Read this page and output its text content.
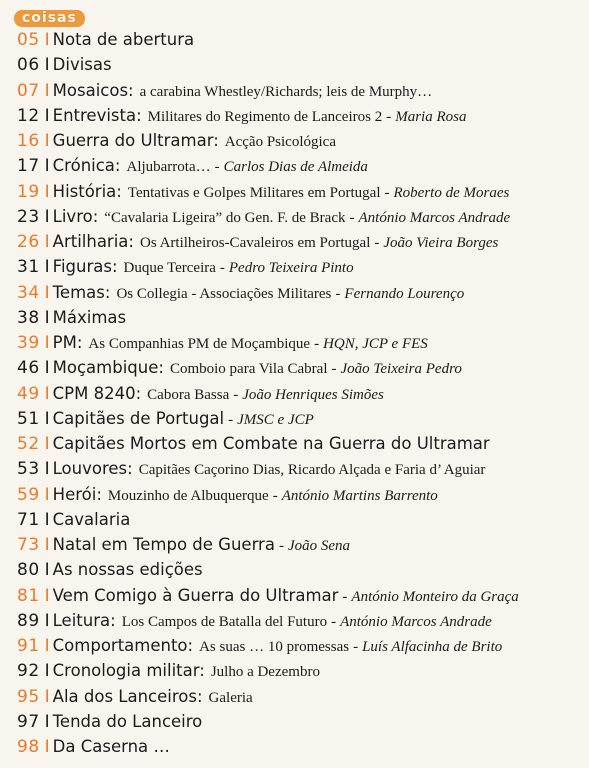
coisas
05 I Nota de abertura
06 I Divisas
07 I Mosaicos: a carabina Whestley/Richards; leis de Murphy…
12 I Entrevista: Militares do Regimento de Lanceiros 2 - Maria Rosa
16 I Guerra do Ultramar: Acção Psicológica
17 I Crónica: Aljubarrota… - Carlos Dias de Almeida
19 I História: Tentativas e Golpes Militares em Portugal - Roberto de Moraes
23 I Livro: “Cavalaria Ligeira” do Gen. F. de Brack - António Marcos Andrade
26 I Artilharia: Os Artilheiros-Cavaleiros em Portugal - João Vieira Borges
31 I Figuras: Duque Terceira - Pedro Teixeira Pinto
34 I Temas: Os Collegia - Associações Militares - Fernando Lourenço
38 I Máximas
39 I PM: As Companhias PM de Moçambique - HQN, JCP e FES
46 I Moçambique: Comboio para Vila Cabral - João Teixeira Pedro
49 I CPM 8240: Cabora Bassa - João Henriques Simões
51 I Capitães de Portugal - JMSC e JCP
52 I Capitães Mortos em Combate na Guerra do Ultramar
53 I Louvores: Capitães Caçorino Dias, Ricardo Alçada e Faria d’ Aguiar
59 I Herói: Mouzinho de Albuquerque - António Martins Barrento
71 I Cavalaria
73 I Natal em Tempo de Guerra - João Sena
80 I As nossas edições
81 I Vem Comigo à Guerra do Ultramar - António Monteiro da Graça
89 I Leitura: Los Campos de Batalla del Futuro - António Marcos Andrade
91 I Comportamento: As suas … 10 promessas - Luís Alfacinha de Brito
92 I Cronologia militar: Julho a Dezembro
95 I Ala dos Lanceiros: Galeria
97 I Tenda do Lanceiro
98 I Da Caserna …
